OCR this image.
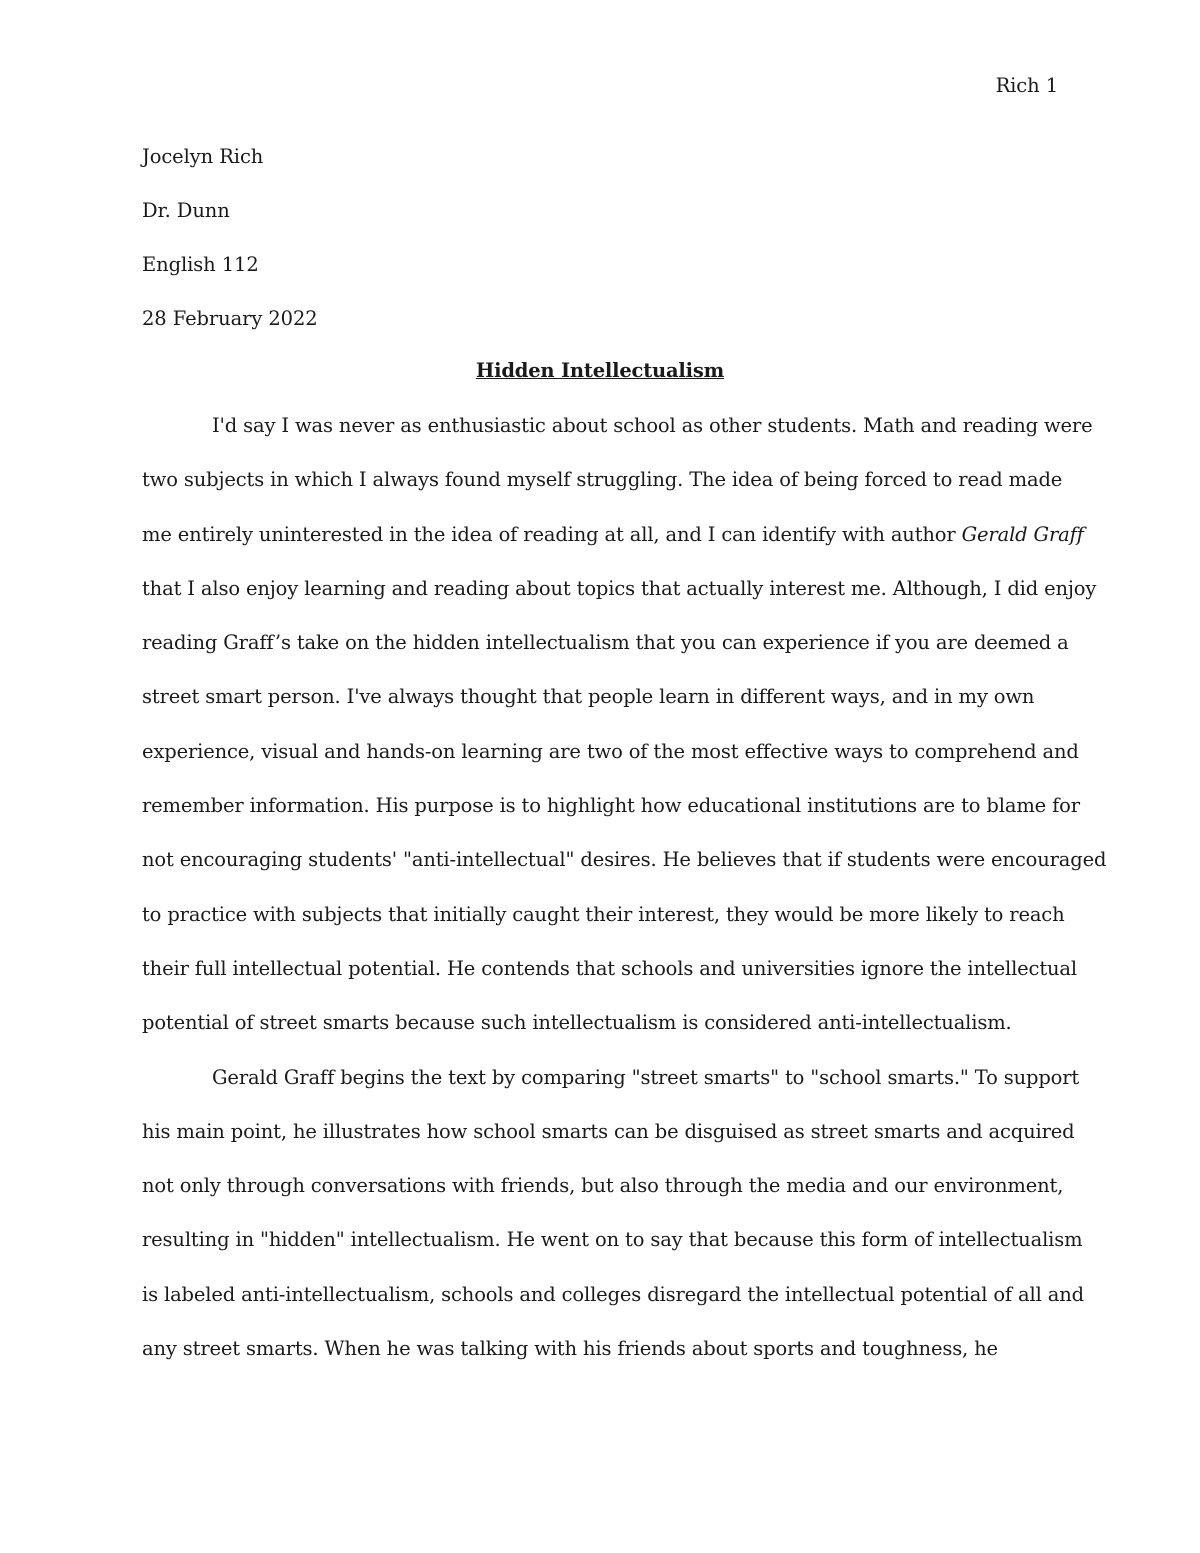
Rich 1
Jocelyn Rich
Dr. Dunn
English 112
28 February 2022
Hidden Intellectualism
I'd say I was never as enthusiastic about school as other students. Math and reading were
two subjects in which I always found myself struggling. The idea of being forced to read made
me entirely uninterested in the idea of reading at all, and I can identify with author Gerald Graff
that I also enjoy learning and reading about topics that actually interest me. Although, I did enjoy
reading Graff’s take on the hidden intellectualism that you can experience if you are deemed a
street smart person. I've always thought that people learn in different ways, and in my own
experience, visual and hands-on learning are two of the most effective ways to comprehend and
remember information. His purpose is to highlight how educational institutions are to blame for
not encouraging students' "anti-intellectual" desires. He believes that if students were encouraged
to practice with subjects that initially caught their interest, they would be more likely to reach
their full intellectual potential. He contends that schools and universities ignore the intellectual
potential of street smarts because such intellectualism is considered anti-intellectualism.
Gerald Graff begins the text by comparing "street smarts" to "school smarts." To support
his main point, he illustrates how school smarts can be disguised as street smarts and acquired
not only through conversations with friends, but also through the media and our environment,
resulting in "hidden" intellectualism. He went on to say that because this form of intellectualism
is labeled anti-intellectualism, schools and colleges disregard the intellectual potential of all and
any street smarts. When he was talking with his friends about sports and toughness, he
